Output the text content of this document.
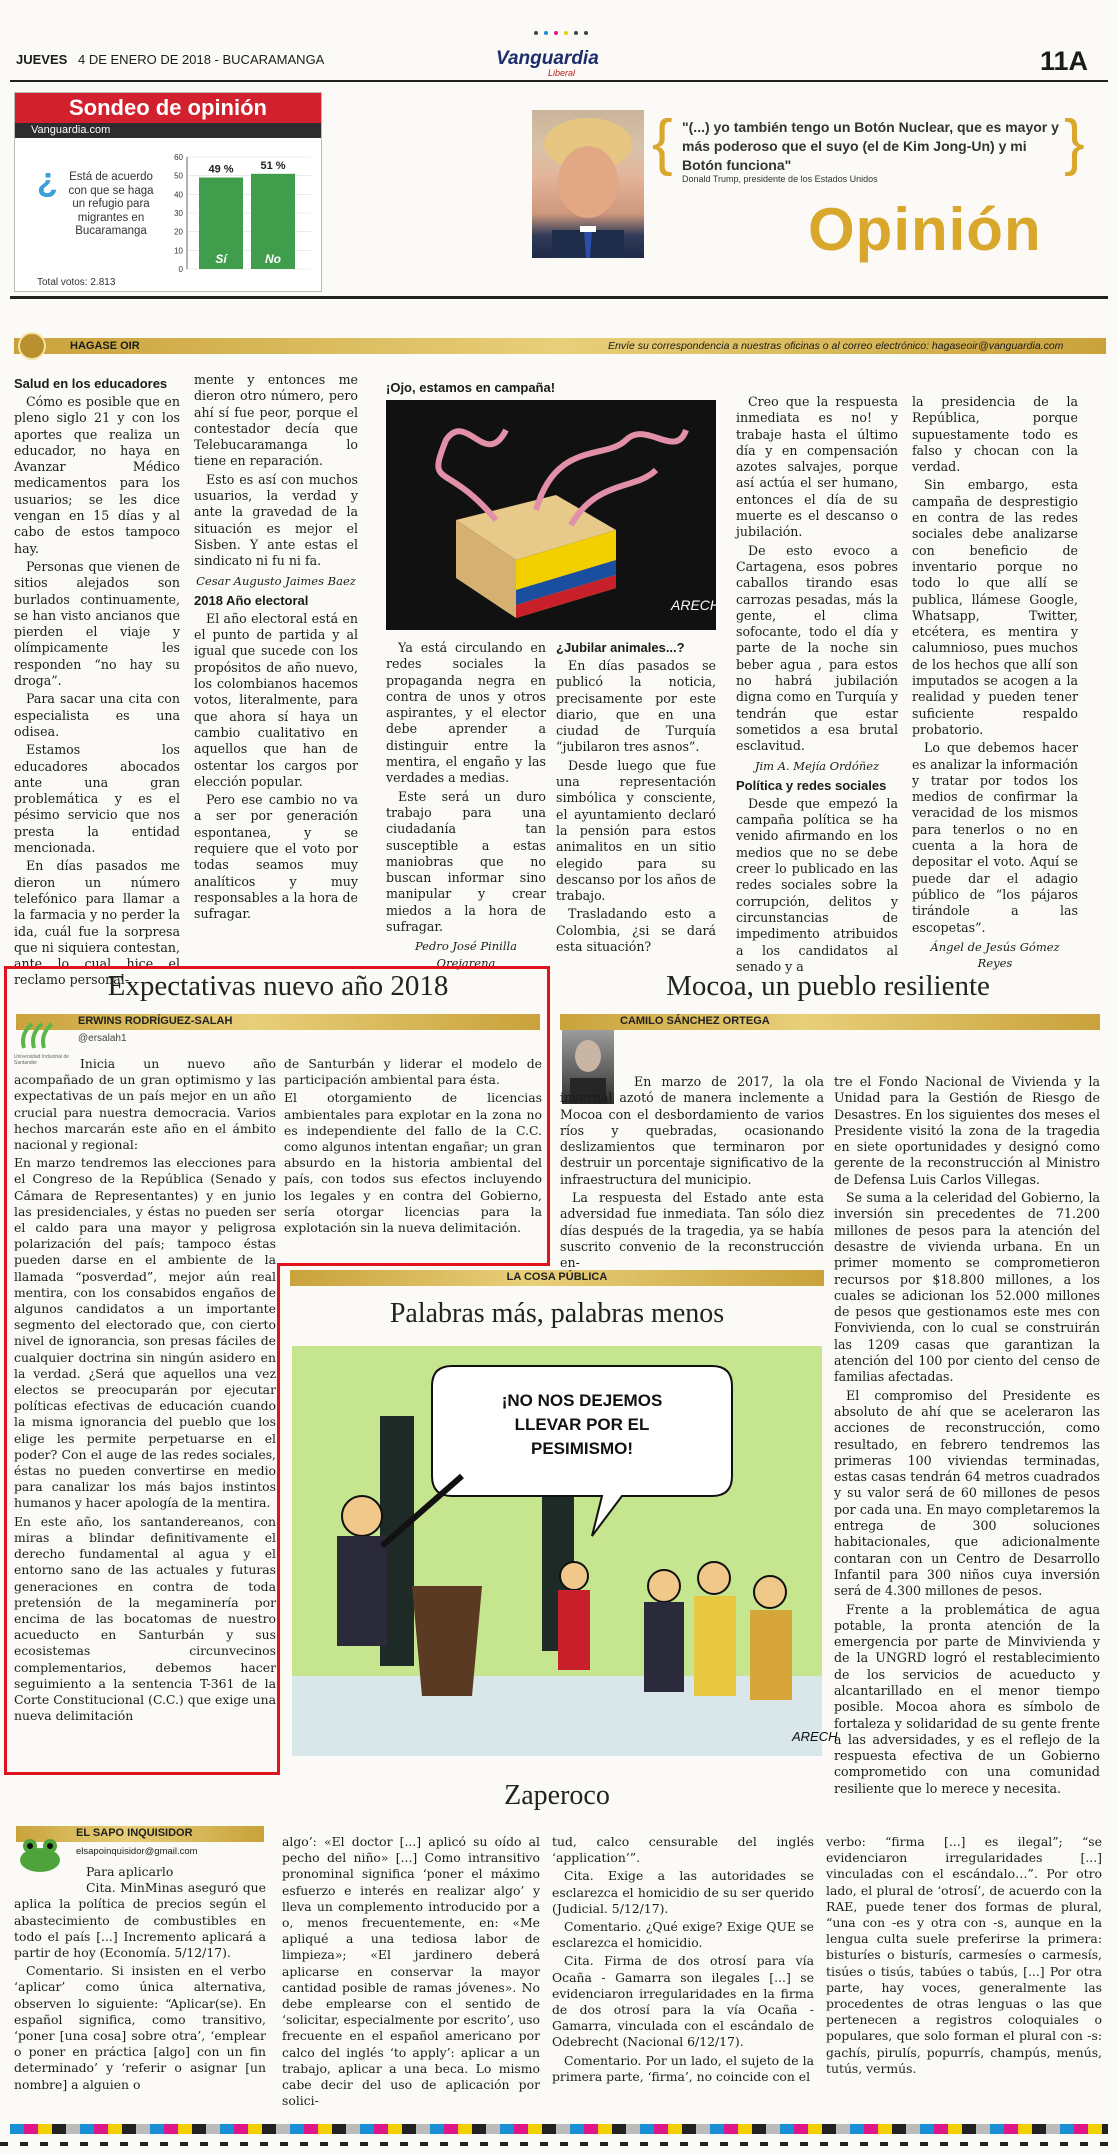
JUEVES 4 DE ENERO DE 2018 - BUCARAMANGA	Vanguardia
Liberal	11A
Sondeo de opinión
Vanguardia.com
¿ Está de acuerdo con que se haga un refugio para migrantes en Bucaramanga
Total votos: 2.813
0
10
20
30
40
50
60
49 %
Sí
51 %
No
{ "(...) yo también tengo un Botón Nuclear, que es mayor y más poderoso que el suyo (el de Kim Jong-Un) y mi Botón funciona"
Donald Trump, presidente de los Estados Unidos
}
Opinión
HAGASE OIR	Envíe su correspondencia a nuestras oficinas o al correo electrónico: hagaseoir@vanguardia.com
Salud en los educadores

Cómo es posible que en pleno siglo 21 y con los aportes que realiza un educador, no haya en Avanzar Médico medicamentos para los usuarios; se les dice vengan en 15 días y al cabo de estos tampoco hay.

Personas que vienen de sitios alejados son burlados continuamente, se han visto ancianos que pierden el viaje y olímpicamente les responden “no hay su droga”.

Para sacar una cita con especialista es una odisea.

Estamos los educadores abocados ante una gran problemática y es el pésimo servicio que nos presta la entidad mencionada.

En días pasados me dieron un número telefónico para llamar a la farmacia y no perder la ida, cuál fue la sorpresa que ni siquiera contestan, ante lo cual hice el reclamo personal-

mente y entonces me dieron otro número, pero ahí sí fue peor, porque el contestador decía que Telebucaramanga lo tiene en reparación.

Esto es así con muchos usuarios, la verdad y ante la gravedad de la situación es mejor el Sisben. Y ante estas el sindicato ni fu ni fa.

Cesar Augusto Jaimes Baez

2018 Año electoral

El año electoral está en el punto de partida y al igual que sucede con los propósitos de año nuevo, los colombianos hacemos votos, literalmente, para que ahora sí haya un cambio cualitativo en aquellos que han de ostentar los cargos por elección popular.

Pero ese cambio no va a ser por generación espontanea, y se requiere que el voto por todas seamos muy analíticos y muy responsables a la hora de sufragar.

¡Ojo, estamos en campaña!
ARECH

Ya está circulando en redes sociales la propaganda negra en contra de unos y otros aspirantes, y el elector debe aprender a distinguir entre la mentira, el engaño y las verdades a medias.

Este será un duro trabajo para una ciudadanía tan susceptible a estas maniobras que no buscan informar sino manipular y crear miedos a la hora de sufragar.

Pedro José Pinilla Orejarena

¿Jubilar animales...?

En días pasados se publicó la noticia, precisamente por este diario, que en una ciudad de Turquía “jubilaron tres asnos”.

Desde luego que fue una representación simbólica y consciente, el ayuntamiento declaró la pensión para estos animalitos en un sitio elegido para su descanso por los años de trabajo.

Trasladando esto a Colombia, ¿si se dará esta situación?

Creo que la respuesta inmediata es no! y trabaje hasta el último día y en compensación azotes salvajes, porque así actúa el ser humano, entonces el día de su muerte es el descanso o jubilación.

De esto evoco a Cartagena, esos pobres caballos tirando esas carrozas pesadas, más la gente, el clima sofocante, todo el día y parte de la noche sin beber agua , para estos no habrá jubilación digna como en Turquía y tendrán que estar sometidos a esa brutal esclavitud.

Jim A. Mejía Ordóñez

Política y redes sociales

Desde que empezó la campaña política se ha venido afirmando en los medios que no se debe creer lo publicado en las redes sociales sobre la corrupción, delitos y circunstancias de impedimento atribuidos a los candidatos al senado y a

la presidencia de la República, porque supuestamente todo es falso y chocan con la verdad.

Sin embargo, esta campaña de desprestigio en contra de las redes sociales debe analizarse con beneficio de inventario porque no todo lo que allí se publica, llámese Google, Whatsapp, Twitter, etcétera, es mentira y calumnioso, pues muchos de los hechos que allí son imputados se acogen a la realidad y pueden tener suficiente respaldo probatorio.

Lo que debemos hacer es analizar la información y tratar por todos los medios de confirmar la veracidad de los mismos para tenerlos o no en cuenta a la hora de depositar el voto. Aquí se puede dar el adagio público de “los pájaros tirándole a las escopetas”.

Ángel de Jesús Gómez Reyes

Expectativas nuevo año 2018
ERWINS RODRÍGUEZ-SALAH
@ersalah1
Universidad Industrial de Santander	Inicia un nuevo año acompañado de un gran optimismo y las expectativas de un país mejor en un año crucial para nuestra democracia. Varios hechos marcarán este año en el ámbito nacional y regional:

En marzo tendremos las elecciones para el Congreso de la República (Senado y Cámara de Representantes) y en junio las presidenciales, y éstas no pueden ser el caldo para una mayor y peligrosa polarización del país; tampoco éstas pueden darse en el ambiente de la llamada “posverdad”, mejor aún real mentira, con los consabidos engaños de algunos candidatos a un importante segmento del electorado que, con cierto nivel de ignorancia, son presas fáciles de cualquier doctrina sin ningún asidero en la verdad. ¿Será que aquellos una vez electos se preocuparán por ejecutar políticas efectivas de educación cuando la misma ignorancia del pueblo que los elige les permite perpetuarse en el poder? Con el auge de las redes sociales, éstas no pueden convertirse en medio para canalizar los más bajos instintos humanos y hacer apología de la mentira.

En este año, los santandereanos, con miras a blindar definitivamente el derecho fundamental al agua y el entorno sano de las actuales y futuras generaciones en contra de toda pretensión de la megaminería por encima de las bocatomas de nuestro acueducto en Santurbán y sus ecosistemas circunvecinos complementarios, debemos hacer seguimiento a la sentencia T-361 de la Corte Constitucional (C.C.) que exige una nueva delimitación

de Santurbán y liderar el modelo de participación ambiental para ésta.

El otorgamiento de licencias ambientales para explotar en la zona no es independiente del fallo de la C.C. como algunos intentan engañar; un gran absurdo en la historia ambiental del país, con todos sus efectos incluyendo los legales y en contra del Gobierno, sería otorgar licencias para la explotación sin la nueva delimitación.

Mocoa, un pueblo resiliente
CAMILO SÁNCHEZ ORTEGA

En marzo de 2017, la ola invernal azotó de manera inclemente a Mocoa con el desbordamiento de varios ríos y quebradas, ocasionando deslizamientos que terminaron por destruir un porcentaje significativo de la infraestructura del municipio.

La respuesta del Estado ante esta adversidad fue inmediata. Tan sólo diez días después de la tragedia, ya se había suscrito convenio de la reconstrucción en-

tre el Fondo Nacional de Vivienda y la Unidad para la Gestión de Riesgo de Desastres. En los siguientes dos meses el Presidente visitó la zona de la tragedia en siete oportunidades y designó como gerente de la reconstrucción al Ministro de Defensa Luis Carlos Villegas.

Se suma a la celeridad del Gobierno, la inversión sin precedentes de 71.200 millones de pesos para la atención del desastre de vivienda urbana. En un primer momento se comprometieron recursos por $18.800 millones, a los cuales se adicionan los 52.000 millones de pesos que gestionamos este mes con Fonvivienda, con lo cual se construirán las 1209 casas que garantizan la atención del 100 por ciento del censo de familias afectadas.

El compromiso del Presidente es absoluto de ahí que se aceleraron las acciones de reconstrucción, como resultado, en febrero tendremos las primeras 100 viviendas terminadas, estas casas tendrán 64 metros cuadrados y su valor será de 60 millones de pesos por cada una. En mayo completaremos la entrega de 300 soluciones habitacionales, que adicionalmente contaran con un Centro de Desarrollo Infantil para 300 niños cuya inversión será de 4.300 millones de pesos.

Frente a la problemática de agua potable, la pronta atención de la emergencia por parte de Minvivienda y de la UNGRD logró el restablecimiento de los servicios de acueducto y alcantarillado en el menor tiempo posible. Mocoa ahora es símbolo de fortaleza y solidaridad de su gente frente a las adversidades, y es el reflejo de la respuesta efectiva de un Gobierno comprometido con una comunidad resiliente que lo merece y necesita.

LA COSA PÚBLICA
Palabras más, palabras menos
¡NO NOS DEJEMOS LLEVAR POR EL PESIMISMO!
ARECH
Zaperoco
EL SAPO INQUISIDOR
elsapoinquisidor@gmail.com

Para aplicarlo

Cita. MinMinas aseguró que aplica la política de precios según el abastecimiento de combustibles en todo el país [...] Incremento aplicará a partir de hoy (Economía. 5/12/17).

Comentario. Si insisten en el verbo ‘aplicar’ como única alternativa, observen lo siguiente: “Aplicar(se). En español significa, como transitivo, ‘poner [una cosa] sobre otra’, ‘emplear o poner en práctica [algo] con un fin determinado’ y ‘referir o asignar [un nombre] a alguien o

algo’: «El doctor [...] aplicó su oído al pecho del niño» [...] Como intransitivo pronominal significa ‘poner el máximo esfuerzo e interés en realizar algo’ y lleva un complemento introducido por a o, menos frecuentemente, en: «Me apliqué a una tediosa labor de limpieza»; «El jardinero deberá aplicarse en conservar la mayor cantidad posible de ramas jóvenes». No debe emplearse con el sentido de ‘solicitar, especialmente por escrito’, uso frecuente en el español americano por calco del inglés ‘to apply’: aplicar a un trabajo, aplicar a una beca. Lo mismo cabe decir del uso de aplicación por solici-

tud, calco censurable del inglés ‘application’”.

Cita. Exige a las autoridades se esclarezca el homicidio de su ser querido (Judicial. 5/12/17).

Comentario. ¿Qué exige? Exige QUE se esclarezca el homicidio.

Cita. Firma de dos otrosí para vía Ocaña - Gamarra son ilegales [...] se evidenciaron irregularidades en la firma de dos otrosí para la vía Ocaña - Gamarra, vinculada con el escándalo de Odebrecht (Nacional 6/12/17).

Comentario. Por un lado, el sujeto de la primera parte, ‘firma’, no coincide con el

verbo: “firma [...] es ilegal”; “se evidenciaron irregularidades [...] vinculadas con el escándalo…”. Por otro lado, el plural de ‘otrosí’, de acuerdo con la RAE, puede tener dos formas de plural, “una con -es y otra con -s, aunque en la lengua culta suele preferirse la primera: bisturíes o bisturís, carmesíes o carmesís, tisúes o tisús, tabúes o tabús, [...] Por otra parte, hay voces, generalmente las procedentes de otras lenguas o las que pertenecen a registros coloquiales o populares, que solo forman el plural con -s: gachís, pirulís, popurrís, champús, menús, tutús, vermús.
